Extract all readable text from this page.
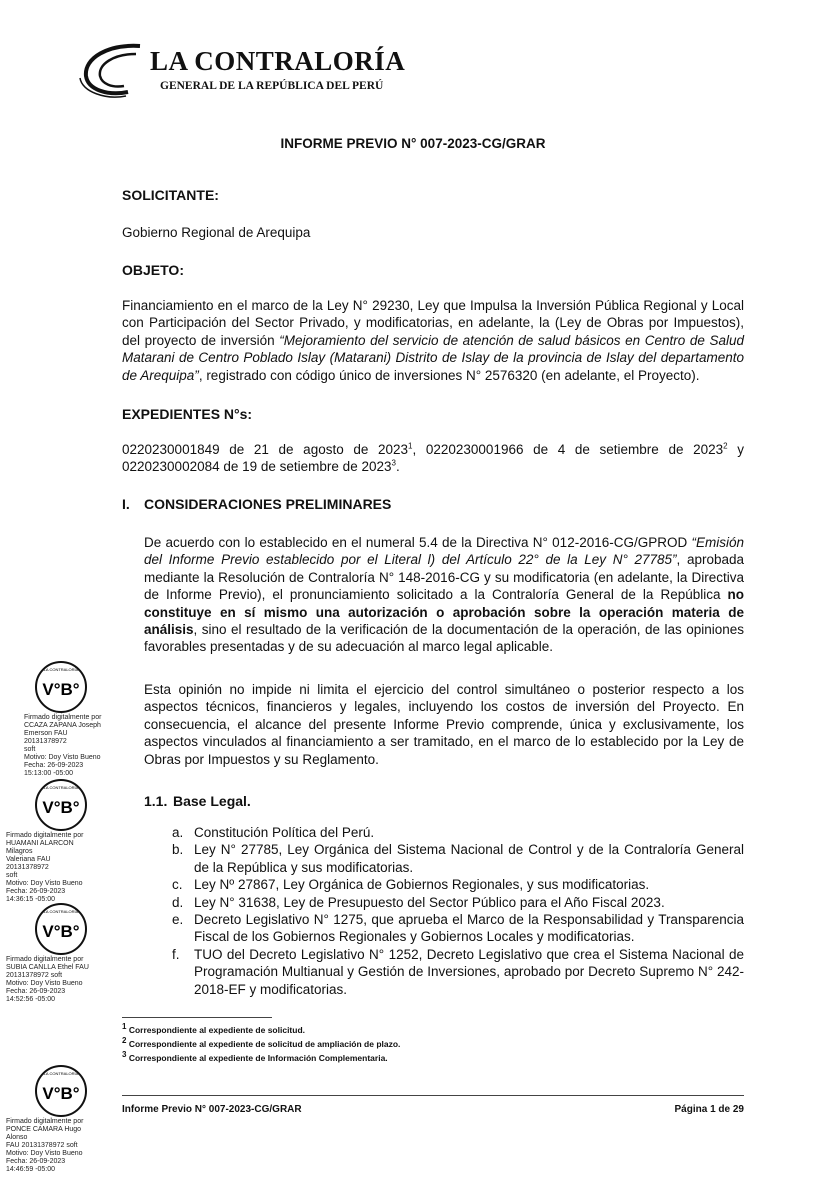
LA CONTRALORÍA
GENERAL DE LA REPÚBLICA DEL PERÚ
INFORME PREVIO N° 007-2023-CG/GRAR
SOLICITANTE:
Gobierno Regional de Arequipa
OBJETO:
Financiamiento en el marco de la Ley N° 29230, Ley que Impulsa la Inversión Pública Regional y Local con Participación del Sector Privado, y modificatorias, en adelante, la (Ley de Obras por Impuestos), del proyecto de inversión “Mejoramiento del servicio de atención de salud básicos en Centro de Salud Matarani de Centro Poblado Islay (Matarani) Distrito de Islay de la provincia de Islay del departamento de Arequipa”, registrado con código único de inversiones N° 2576320 (en adelante, el Proyecto).
EXPEDIENTES N°s:
0220230001849 de 21 de agosto de 2023$^1$, 0220230001966 de 4 de setiembre de 2023$^2$ y 0220230002084 de 19 de setiembre de 2023$^3$.
I. CONSIDERACIONES PRELIMINARES
De acuerdo con lo establecido en el numeral 5.4 de la Directiva N° 012-2016-CG/GPROD “Emisión del Informe Previo establecido por el Literal l) del Artículo 22° de la Ley N° 27785”, aprobada mediante la Resolución de Contraloría N° 148-2016-CG y su modificatoria (en adelante, la Directiva de Informe Previo), el pronunciamiento solicitado a la Contraloría General de la República no constituye en sí mismo una autorización o aprobación sobre la operación materia de análisis, sino el resultado de la verificación de la documentación de la operación, de las opiniones favorables presentadas y de su adecuación al marco legal aplicable.
Esta opinión no impide ni limita el ejercicio del control simultáneo o posterior respecto a los aspectos técnicos, financieros y legales, incluyendo los costos de inversión del Proyecto. En consecuencia, el alcance del presente Informe Previo comprende, única y exclusivamente, los aspectos vinculados al financiamiento a ser tramitado, en el marco de lo establecido por la Ley de Obras por Impuestos y su Reglamento.
1.1. Base Legal.
a. Constitución Política del Perú.
b. Ley N° 27785, Ley Orgánica del Sistema Nacional de Control y de la Contraloría General de la República y sus modificatorias.
c. Ley Nº 27867, Ley Orgánica de Gobiernos Regionales, y sus modificatorias.
d. Ley N° 31638, Ley de Presupuesto del Sector Público para el Año Fiscal 2023.
e. Decreto Legislativo N° 1275, que aprueba el Marco de la Responsabilidad y Transparencia Fiscal de los Gobiernos Regionales y Gobiernos Locales y modificatorias.
f. TUO del Decreto Legislativo N° 1252, Decreto Legislativo que crea el Sistema Nacional de Programación Multianual y Gestión de Inversiones, aprobado por Decreto Supremo N° 242-2018-EF y modificatorias.
$^1$ Correspondiente al expediente de solicitud.
$^2$ Correspondiente al expediente de solicitud de ampliación de plazo.
$^3$ Correspondiente al expediente de Información Complementaria.
Informe Previo N° 007-2023-CG/GRAR	Página 1 de 29
LA CONTRALORÍA
V°B°
Firmado digitalmente por
CCAZA ZAPANA Joseph
Emerson FAU 20131378972
soft
Motivo: Doy Visto Bueno
Fecha: 26-09-2023 15:13:00 -05:00
LA CONTRALORÍA
V°B°
Firmado digitalmente por
HUAMANI ALARCON Milagros
Valeriana FAU 20131378972
soft
Motivo: Doy Visto Bueno
Fecha: 26-09-2023 14:36:15 -05:00
LA CONTRALORÍA
V°B°
Firmado digitalmente por
SUBIA CANLLA Ethel FAU
20131378972 soft
Motivo: Doy Visto Bueno
Fecha: 26-09-2023 14:52:56 -05:00
LA CONTRALORÍA
V°B°
Firmado digitalmente por
PONCE CAMARA Hugo Alonso
FAU 20131378972 soft
Motivo: Doy Visto Bueno
Fecha: 26-09-2023 14:46:59 -05:00
